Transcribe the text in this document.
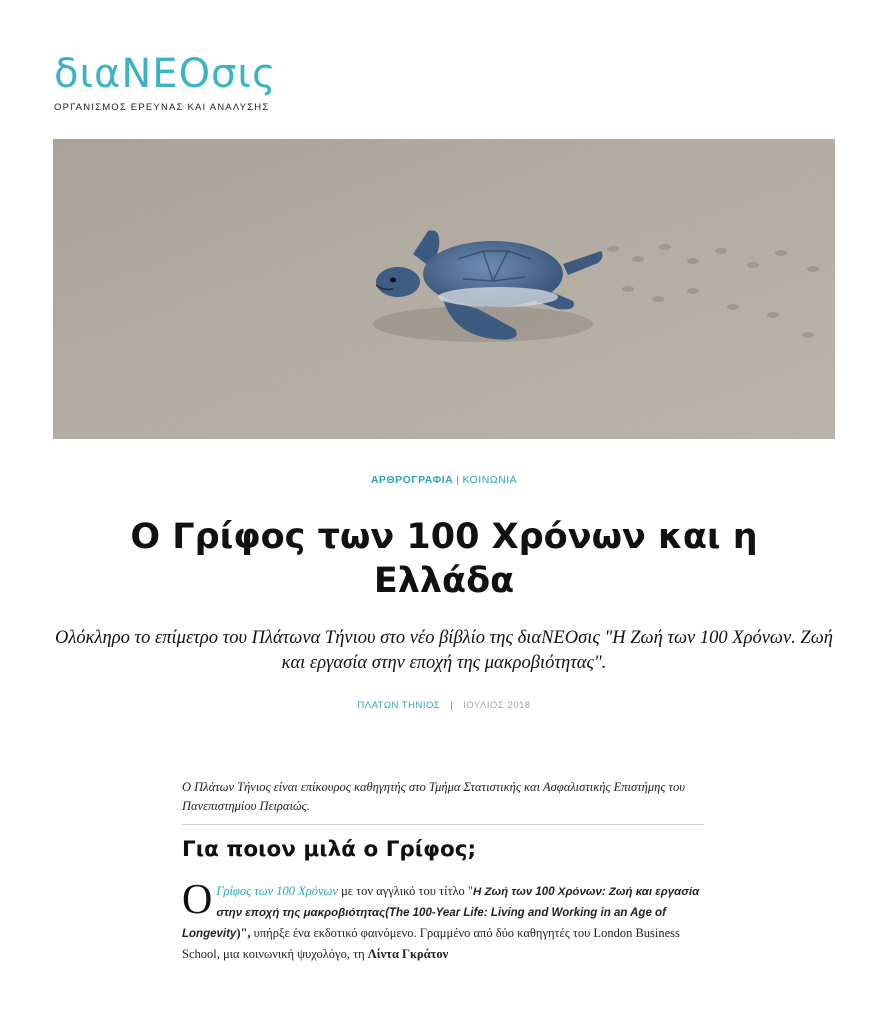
διαΝΕΟσις
ΟΡΓΑΝΙΣΜΟΣ ΕΡΕΥΝΑΣ ΚΑΙ ΑΝΑΛΥΣΗΣ
ΑΡΘΡΟΓΡΑΦΙΑ | ΚΟΙΝΩΝΙΑ
Ο Γρίφος των 100 Χρόνων και η Ελλάδα

Ολόκληρο το επίμετρο του Πλάτωνα Τήνιου στο νέο βίβλίο της διαΝΕΟσις "Η Ζωή των 100 Χρόνων. Ζωή και εργασία στην εποχή της μακροβιότητας".

ΠΛΑΤΩΝ ΤΗΝΙΟΣ | ΙΟΥΛΙΟΣ 2018

Ο Πλάτων Τήνιος είναι επίκουρος καθηγητής στο Τμήμα Στατιστικής και Ασφαλιστικής Επιστήμης του Πανεπιστημίου Πειραιώς.

Για ποιον μιλά ο Γρίφος;

Ο Γρίφος των 100 Χρόνων με τον αγγλικό του τίτλο "Η Ζωή των 100 Χρόνων: Ζωή και εργασία στην εποχή της μακροβιότητας(The 100-Year Life: Living and Working in an Age of Longevity)", υπήρξε ένα εκδοτικό φαινόμενο. Γραμμένο από δύο καθηγητές του London Business School, μια κοινωνική ψυχολόγο, τη Λίντα Γκράτον
